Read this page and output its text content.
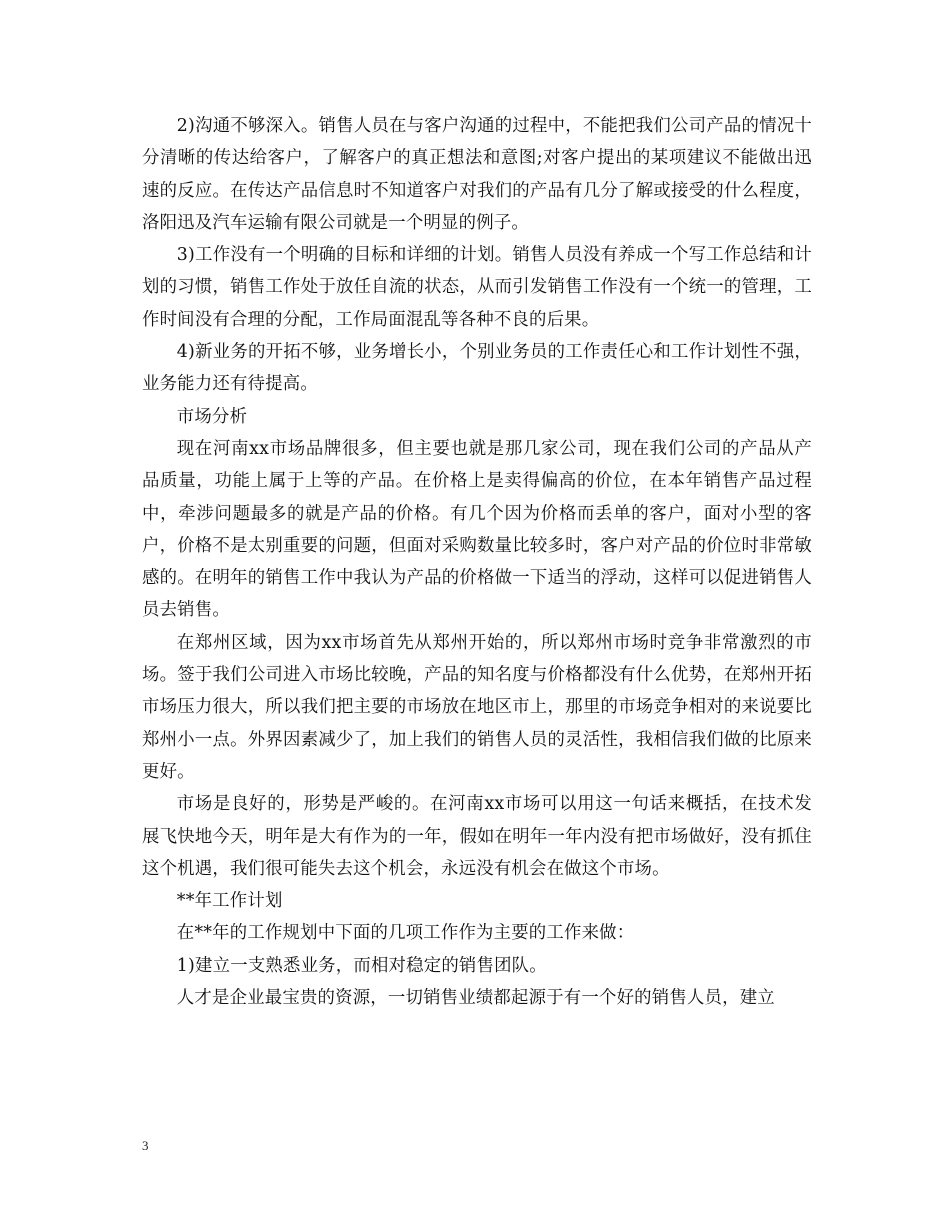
2)沟通不够深入。销售人员在与客户沟通的过程中，不能把我们公司产品的情况十分清晰的传达给客户，了解客户的真正想法和意图;对客户提出的某项建议不能做出迅速的反应。在传达产品信息时不知道客户对我们的产品有几分了解或接受的什么程度，洛阳迅及汽车运输有限公司就是一个明显的例子。

3)工作没有一个明确的目标和详细的计划。销售人员没有养成一个写工作总结和计划的习惯，销售工作处于放任自流的状态，从而引发销售工作没有一个统一的管理，工作时间没有合理的分配，工作局面混乱等各种不良的后果。

4)新业务的开拓不够，业务增长小，个别业务员的工作责任心和工作计划性不强，业务能力还有待提高。

市场分析

现在河南xx市场品牌很多，但主要也就是那几家公司，现在我们公司的产品从产品质量，功能上属于上等的产品。在价格上是卖得偏高的价位，在本年销售产品过程中，牵涉问题最多的就是产品的价格。有几个因为价格而丢单的客户，面对小型的客户，价格不是太别重要的问题，但面对采购数量比较多时，客户对产品的价位时非常敏感的。在明年的销售工作中我认为产品的价格做一下适当的浮动，这样可以促进销售人员去销售。

在郑州区域，因为xx市场首先从郑州开始的，所以郑州市场时竞争非常激烈的市场。签于我们公司进入市场比较晚，产品的知名度与价格都没有什么优势，在郑州开拓市场压力很大，所以我们把主要的市场放在地区市上，那里的市场竞争相对的来说要比郑州小一点。外界因素减少了，加上我们的销售人员的灵活性，我相信我们做的比原来更好。

市场是良好的，形势是严峻的。在河南xx市场可以用这一句话来概括，在技术发展飞快地今天，明年是大有作为的一年，假如在明年一年内没有把市场做好，没有抓住这个机遇，我们很可能失去这个机会，永远没有机会在做这个市场。

**年工作计划

在**年的工作规划中下面的几项工作作为主要的工作来做：

1)建立一支熟悉业务，而相对稳定的销售团队。

人才是企业最宝贵的资源，一切销售业绩都起源于有一个好的销售人员，建立

3
